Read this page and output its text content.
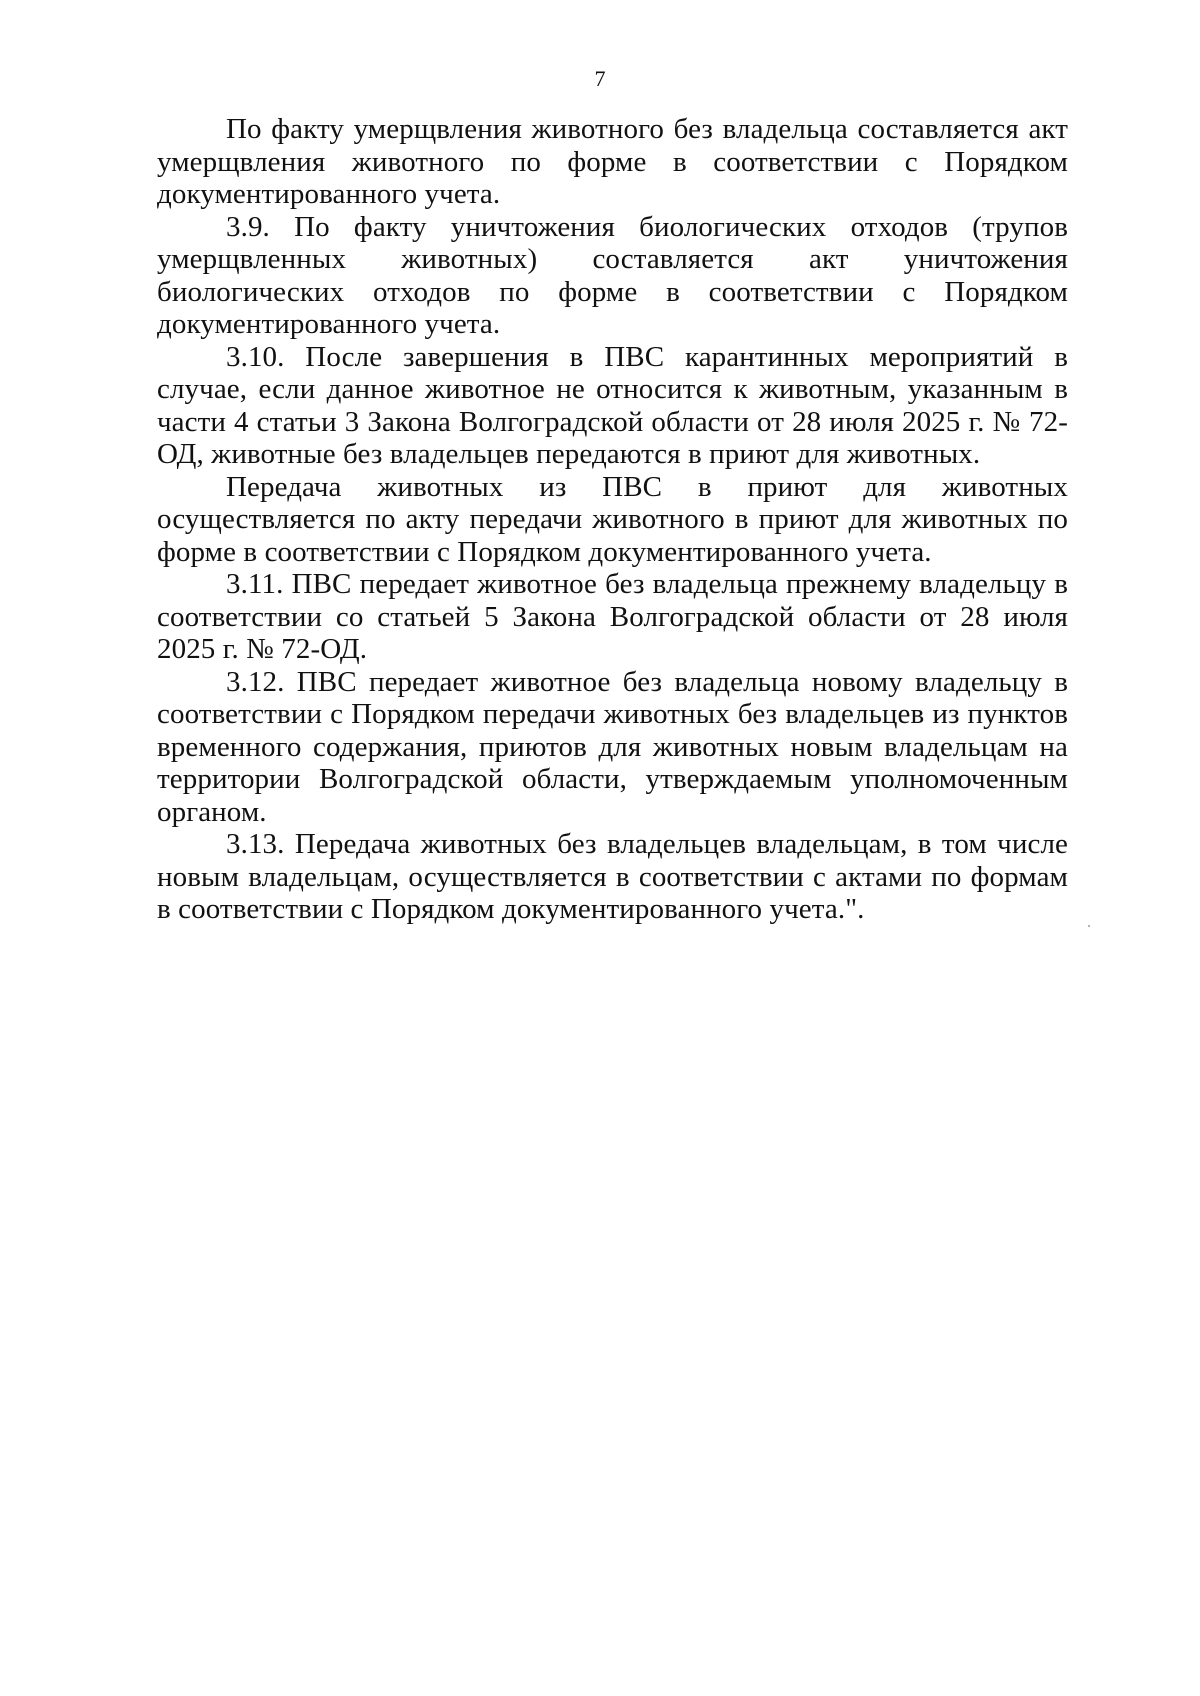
7

По факту умерщвления животного без владельца составляется акт умерщвления животного по форме в соответствии с Порядком документированного учета.

3.9. По факту уничтожения биологических отходов (трупов умерщвленных животных) составляется акт уничтожения биологических отходов по форме в соответствии с Порядком документированного учета.

3.10. После завершения в ПВС карантинных мероприятий в случае, если данное животное не относится к животным, указанным в части 4 статьи 3 Закона Волгоградской области от 28 июля 2025 г. № 72-ОД, животные без владельцев передаются в приют для животных.

Передача животных из ПВС в приют для животных осуществляется по акту передачи животного в приют для животных по форме в соответствии с Порядком документированного учета.

3.11. ПВС передает животное без владельца прежнему владельцу в соответствии со статьей 5 Закона Волгоградской области от 28 июля 2025 г. № 72-ОД.

3.12. ПВС передает животное без владельца новому владельцу в соответствии с Порядком передачи животных без владельцев из пунктов временного содержания, приютов для животных новым владельцам на территории Волгоградской области, утверждаемым уполномоченным органом.

3.13. Передача животных без владельцев владельцам, в том числе новым владельцам, осуществляется в соответствии с актами по формам в соответствии с Порядком документированного учета.".
